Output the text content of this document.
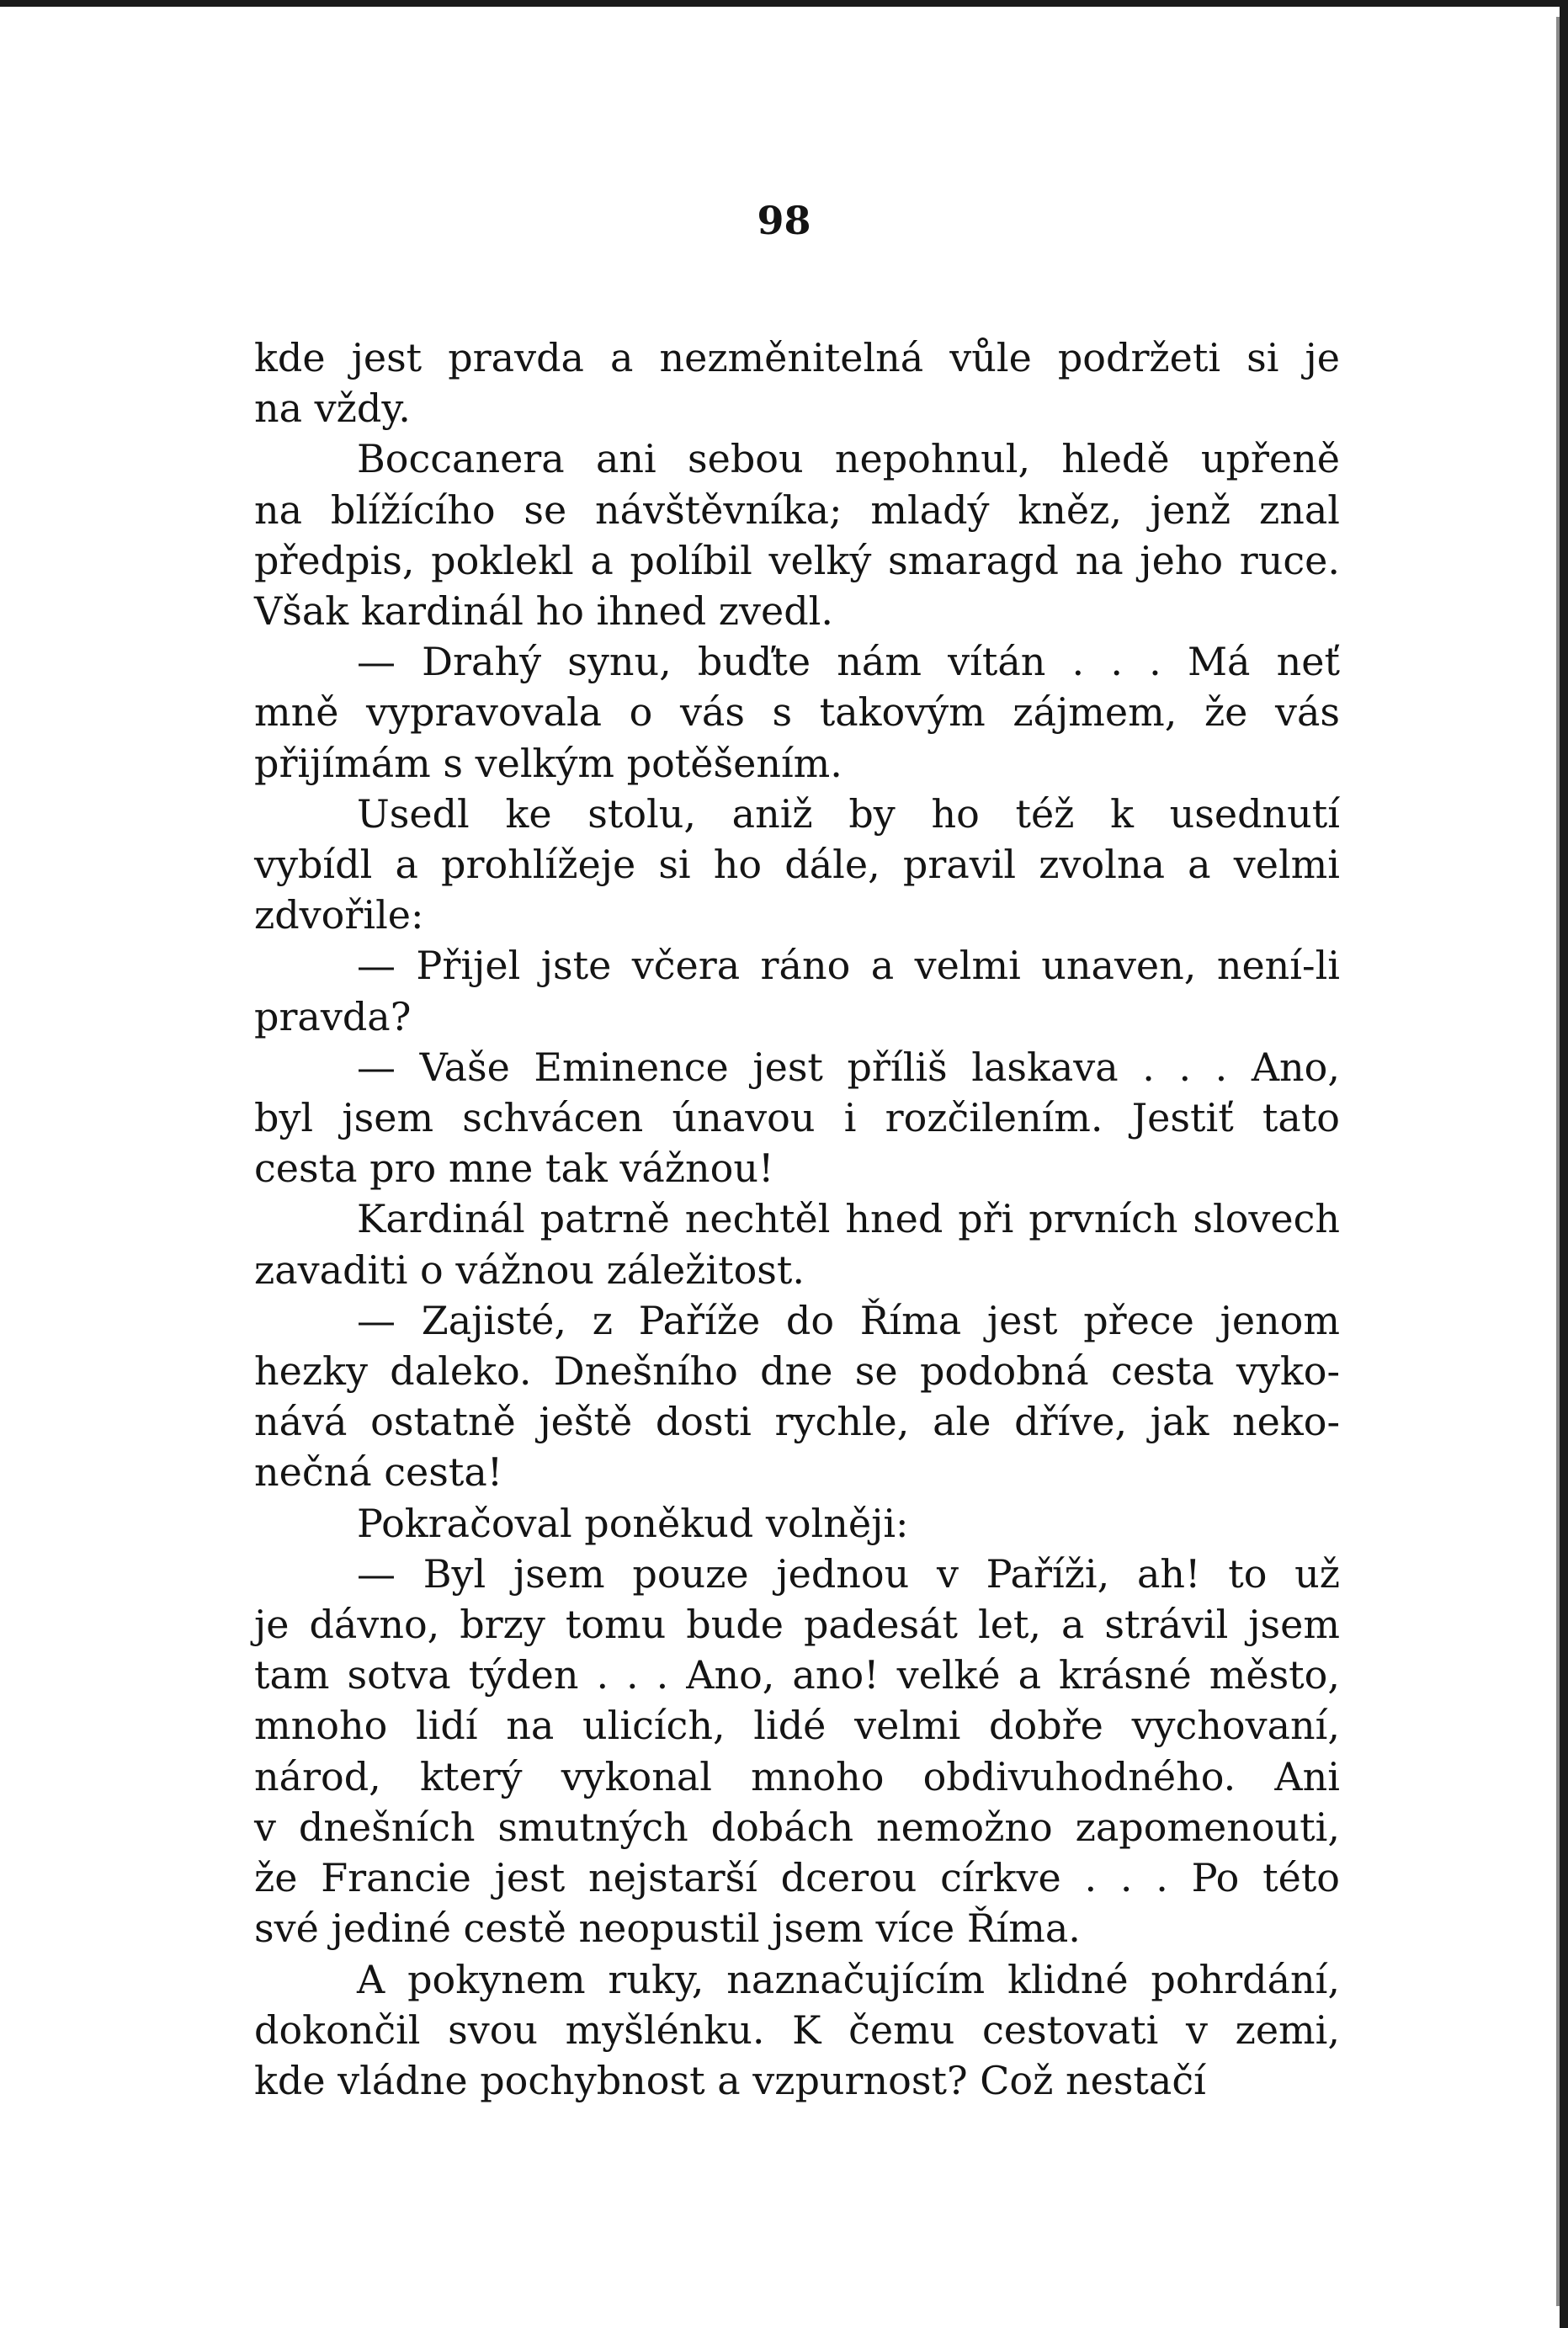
98

kde jest pravda a nezměnitelná vůle podržeti si je
na vždy.

Boccanera ani sebou nepohnul, hledě upřeně
na blížícího se návštěvníka; mladý kněz, jenž znal
předpis, poklekl a políbil velký smaragd na jeho ruce.
Však kardinál ho ihned zvedl.

— Drahý synu, buďte nám vítán . . . Má neť
mně vypravovala o vás s takovým zájmem, že vás
přijímám s velkým potěšením.

Usedl ke stolu, aniž by ho též k usednutí
vybídl a prohlížeje si ho dále, pravil zvolna a velmi
zdvořile:

— Přijel jste včera ráno a velmi unaven, není-li
pravda?

— Vaše Eminence jest příliš laskava . . . Ano,
byl jsem schvácen únavou i rozčilením. Jestiť tato
cesta pro mne tak vážnou!

Kardinál patrně nechtěl hned při prvních slovech
zavaditi o vážnou záležitost.

— Zajisté, z Paříže do Říma jest přece jenom
hezky daleko. Dnešního dne se podobná cesta vyko-
nává ostatně ještě dosti rychle, ale dříve, jak neko-
nečná cesta!

Pokračoval poněkud volněji:

— Byl jsem pouze jednou v Paříži, ah! to už
je dávno, brzy tomu bude padesát let, a strávil jsem
tam sotva týden . . . Ano, ano! velké a krásné město,
mnoho lidí na ulicích, lidé velmi dobře vychovaní,
národ, který vykonal mnoho obdivuhodného. Ani
v dnešních smutných dobách nemožno zapomenouti,
že Francie jest nejstarší dcerou církve . . . Po této
své jediné cestě neopustil jsem více Říma.

A pokynem ruky, naznačujícím klidné pohrdání,
dokončil svou myšlénku. K čemu cestovati v zemi,
kde vládne pochybnost a vzpurnost? Což nestačí
